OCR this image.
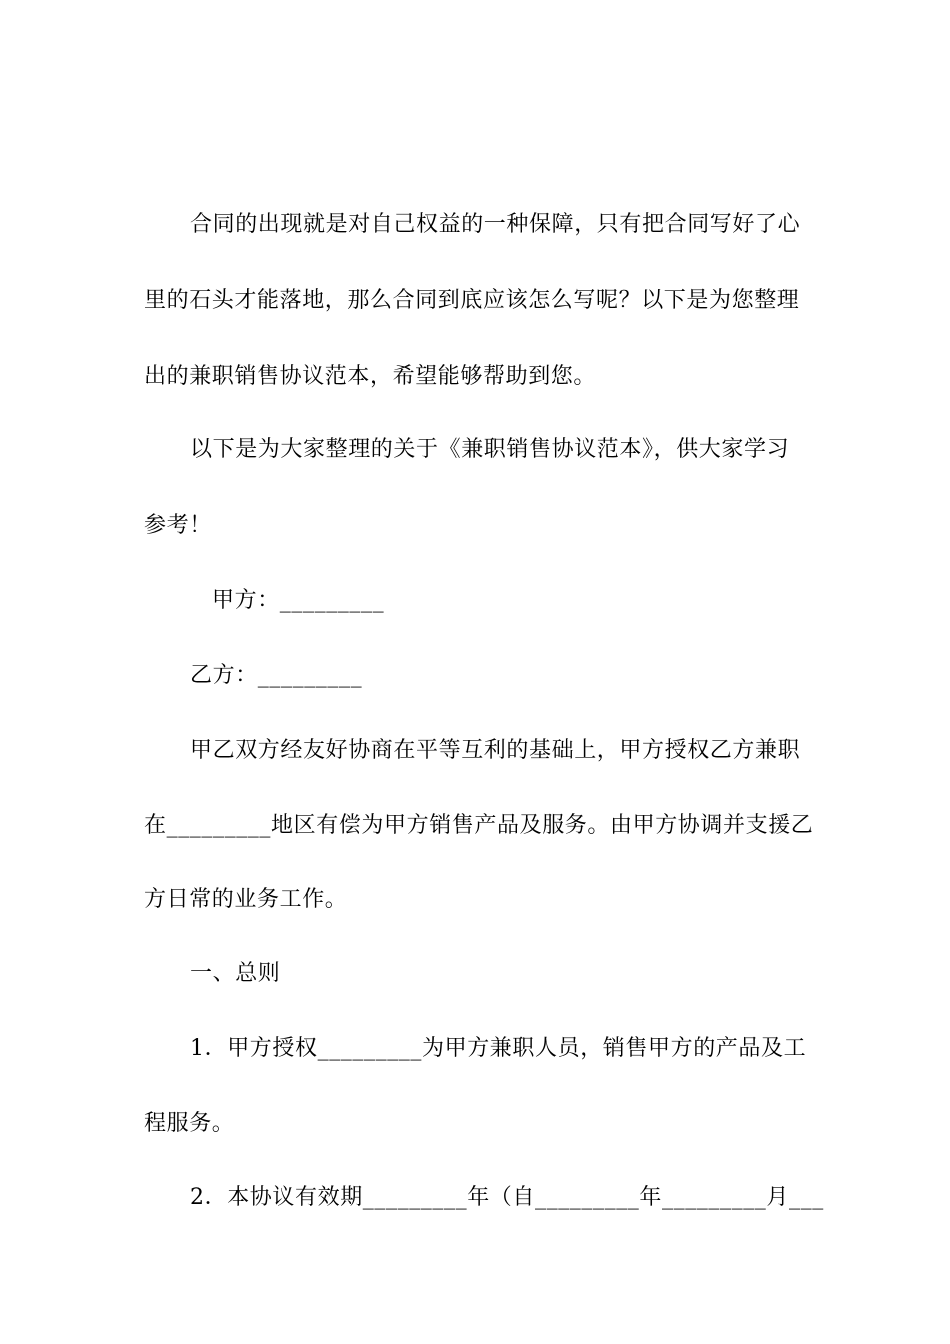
合同的出现就是对自己权益的一种保障，只有把合同写好了心
里的石头才能落地，那么合同到底应该怎么写呢？以下是为您整理
出的兼职销售协议范本，希望能够帮助到您。
以下是为大家整理的关于《兼职销售协议范本》，供大家学习
参考！
甲方：_________
乙方：_________
甲乙双方经友好协商在平等互利的基础上，甲方授权乙方兼职
在_________地区有偿为甲方销售产品及服务。由甲方协调并支援乙
方日常的业务工作。
一、总则
1．甲方授权_________为甲方兼职人员，销售甲方的产品及工
程服务。
2．本协议有效期_________年（自_________年_________月___
